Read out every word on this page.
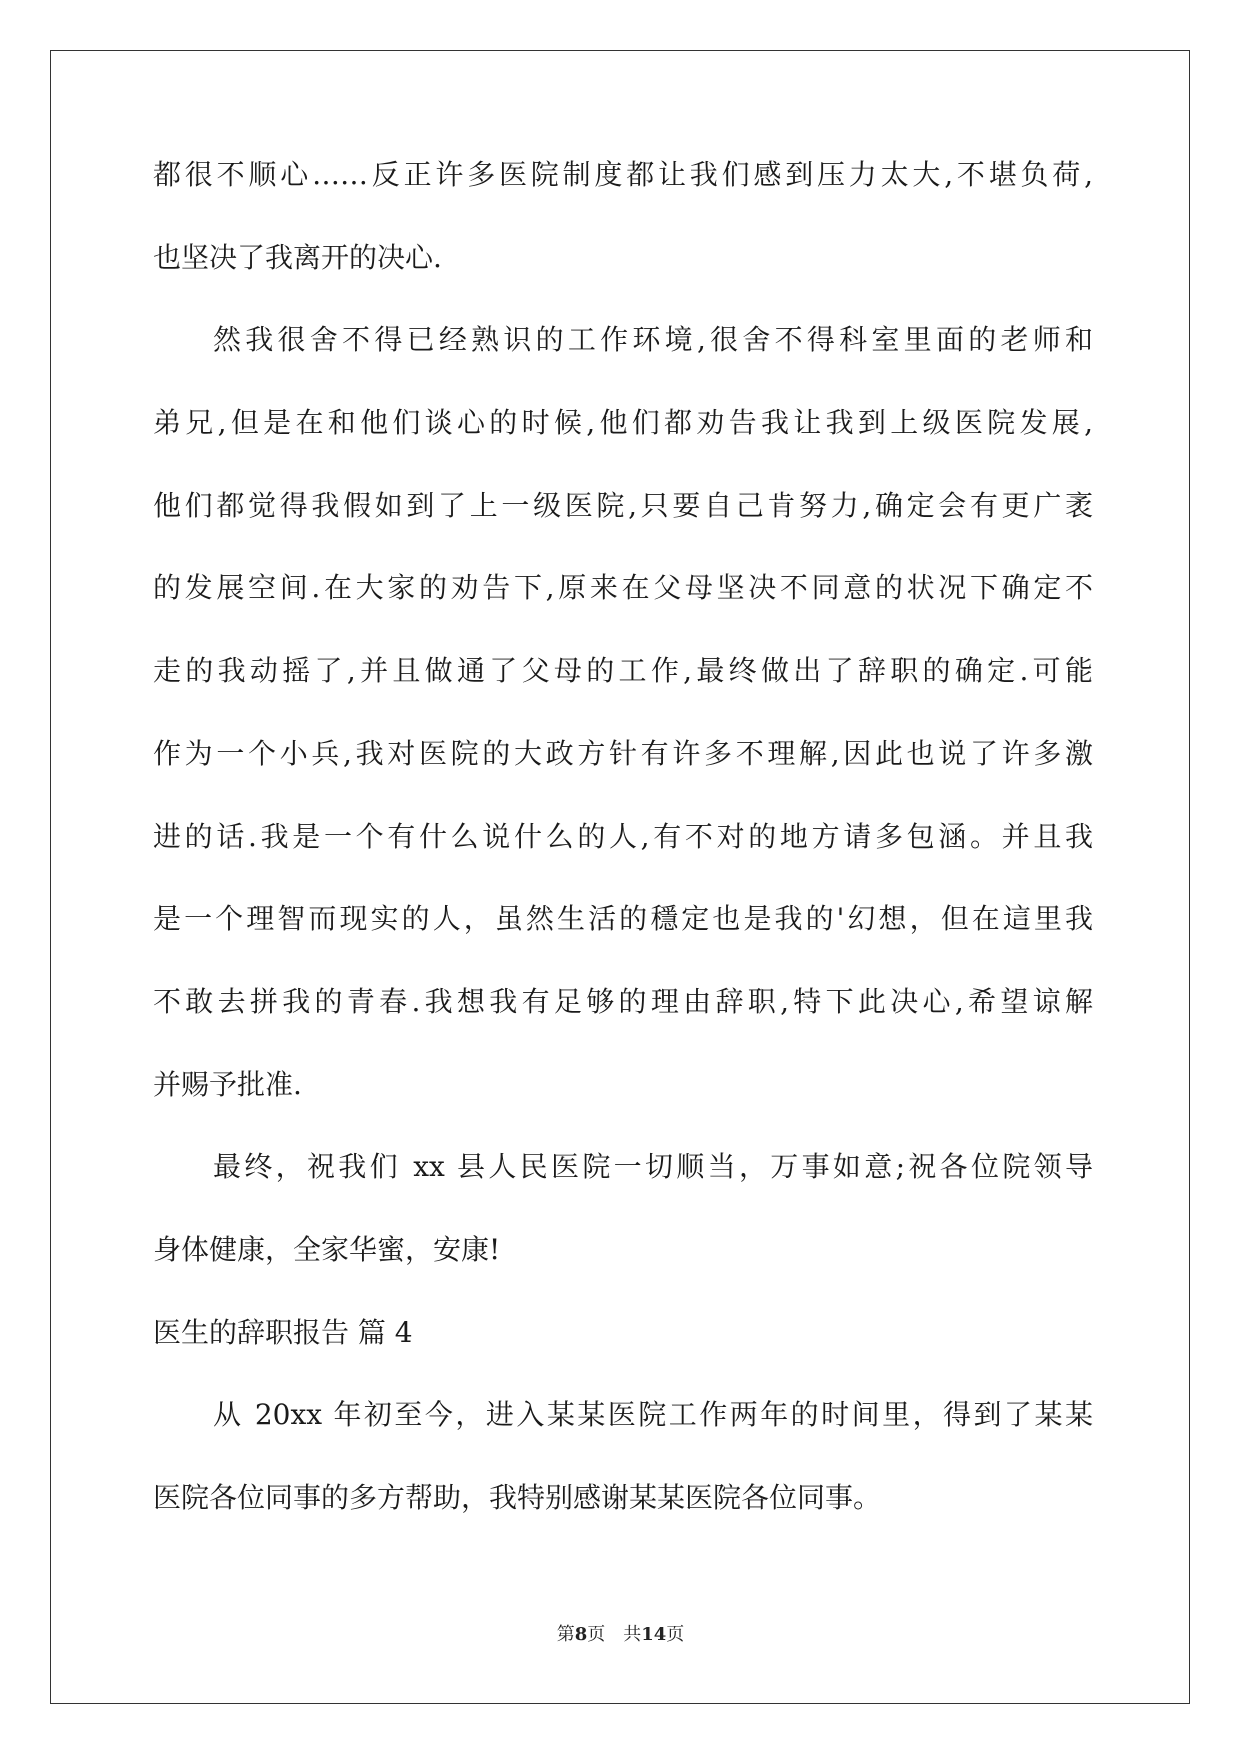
都很不顺心……反正许多医院制度都让我们感到压力太大,不堪负荷,
也坚决了我离开的决心.
然我很舍不得已经熟识的工作环境,很舍不得科室里面的老师和
弟兄,但是在和他们谈心的时候,他们都劝告我让我到上级医院发展,
他们都觉得我假如到了上一级医院,只要自己肯努力,确定会有更广袤
的发展空间.在大家的劝告下,原来在父母坚决不同意的状况下确定不
走的我动摇了,并且做通了父母的工作,最终做出了辞职的确定.可能
作为一个小兵,我对医院的大政方针有许多不理解,因此也说了许多激
进的话.我是一个有什么说什么的人,有不对的地方请多包涵。并且我
是一个理智而现实的人，虽然生活的穩定也是我的'幻想，但在這里我
不敢去拼我的青春.我想我有足够的理由辞职,特下此决心,希望谅解
并赐予批准.
最终，祝我们 xx 县人民医院一切顺当，万事如意;祝各位院领导
身体健康，全家华蜜，安康!
医生的辞职报告 篇 4
从 20xx 年初至今，进入某某医院工作两年的时间里，得到了某某
医院各位同事的多方帮助，我特别感谢某某医院各位同事。
第8页 共14页
